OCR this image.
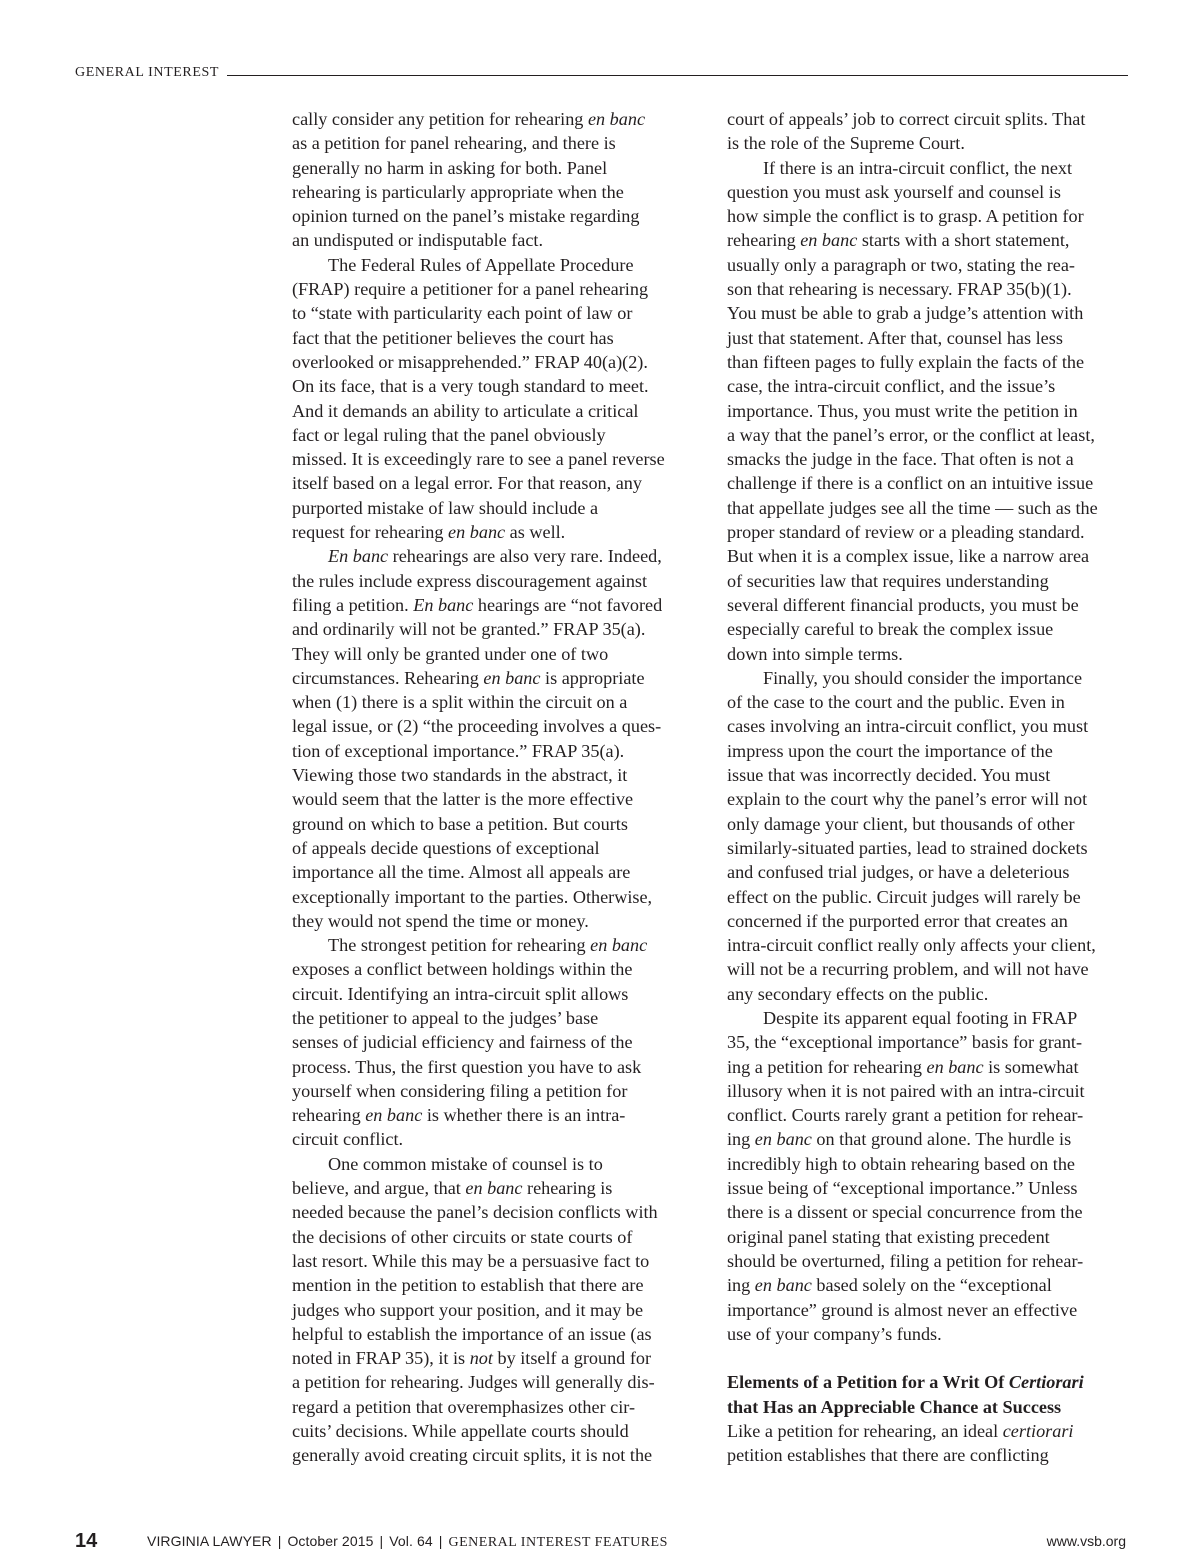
GENERAL INTEREST
cally consider any petition for rehearing en banc
as a petition for panel rehearing, and there is
generally no harm in asking for both. Panel
rehearing is particularly appropriate when the
opinion turned on the panel’s mistake regarding
an undisputed or indisputable fact.
The Federal Rules of Appellate Procedure
(FRAP) require a petitioner for a panel rehearing
to “state with particularity each point of law or
fact that the petitioner believes the court has
overlooked or misapprehended.” FRAP 40(a)(2).
On its face, that is a very tough standard to meet.
And it demands an ability to articulate a critical
fact or legal ruling that the panel obviously
missed. It is exceedingly rare to see a panel reverse
itself based on a legal error. For that reason, any
purported mistake of law should include a
request for rehearing en banc as well.
En banc rehearings are also very rare. Indeed,
the rules include express discouragement against
filing a petition. En banc hearings are “not favored
and ordinarily will not be granted.” FRAP 35(a).
They will only be granted under one of two
circumstances. Rehearing en banc is appropriate
when (1) there is a split within the circuit on a
legal issue, or (2) “the proceeding involves a ques-
tion of exceptional importance.” FRAP 35(a).
Viewing those two standards in the abstract, it
would seem that the latter is the more effective
ground on which to base a petition. But courts
of appeals decide questions of exceptional
importance all the time. Almost all appeals are
exceptionally important to the parties. Otherwise,
they would not spend the time or money.
The strongest petition for rehearing en banc
exposes a conflict between holdings within the
circuit. Identifying an intra-circuit split allows
the petitioner to appeal to the judges’ base
senses of judicial efficiency and fairness of the
process. Thus, the first question you have to ask
yourself when considering filing a petition for
rehearing en banc is whether there is an intra-
circuit conflict.
One common mistake of counsel is to
believe, and argue, that en banc rehearing is
needed because the panel’s decision conflicts with
the decisions of other circuits or state courts of
last resort. While this may be a persuasive fact to
mention in the petition to establish that there are
judges who support your position, and it may be
helpful to establish the importance of an issue (as
noted in FRAP 35), it is not by itself a ground for
a petition for rehearing. Judges will generally dis-
regard a petition that overemphasizes other cir-
cuits’ decisions. While appellate courts should
generally avoid creating circuit splits, it is not the
court of appeals’ job to correct circuit splits. That
is the role of the Supreme Court.
If there is an intra-circuit conflict, the next
question you must ask yourself and counsel is
how simple the conflict is to grasp. A petition for
rehearing en banc starts with a short statement,
usually only a paragraph or two, stating the rea-
son that rehearing is necessary. FRAP 35(b)(1).
You must be able to grab a judge’s attention with
just that statement. After that, counsel has less
than fifteen pages to fully explain the facts of the
case, the intra-circuit conflict, and the issue’s
importance. Thus, you must write the petition in
a way that the panel’s error, or the conflict at least,
smacks the judge in the face. That often is not a
challenge if there is a conflict on an intuitive issue
that appellate judges see all the time — such as the
proper standard of review or a pleading standard.
But when it is a complex issue, like a narrow area
of securities law that requires understanding
several different financial products, you must be
especially careful to break the complex issue
down into simple terms.
Finally, you should consider the importance
of the case to the court and the public. Even in
cases involving an intra-circuit conflict, you must
impress upon the court the importance of the
issue that was incorrectly decided. You must
explain to the court why the panel’s error will not
only damage your client, but thousands of other
similarly-situated parties, lead to strained dockets
and confused trial judges, or have a deleterious
effect on the public. Circuit judges will rarely be
concerned if the purported error that creates an
intra-circuit conflict really only affects your client,
will not be a recurring problem, and will not have
any secondary effects on the public.
Despite its apparent equal footing in FRAP
35, the “exceptional importance” basis for grant-
ing a petition for rehearing en banc is somewhat
illusory when it is not paired with an intra-circuit
conflict. Courts rarely grant a petition for rehear-
ing en banc on that ground alone. The hurdle is
incredibly high to obtain rehearing based on the
issue being of “exceptional importance.” Unless
there is a dissent or special concurrence from the
original panel stating that existing precedent
should be overturned, filing a petition for rehear-
ing en banc based solely on the “exceptional
importance” ground is almost never an effective
use of your company’s funds.
Elements of a Petition for a Writ Of Certiorari
that Has an Appreciable Chance at Success
Like a petition for rehearing, an ideal certiorari
petition establishes that there are conflicting
14	VIRGINIA LAWYER | October 2015 | Vol. 64 | GENERAL INTEREST FEATURES	www.vsb.org
